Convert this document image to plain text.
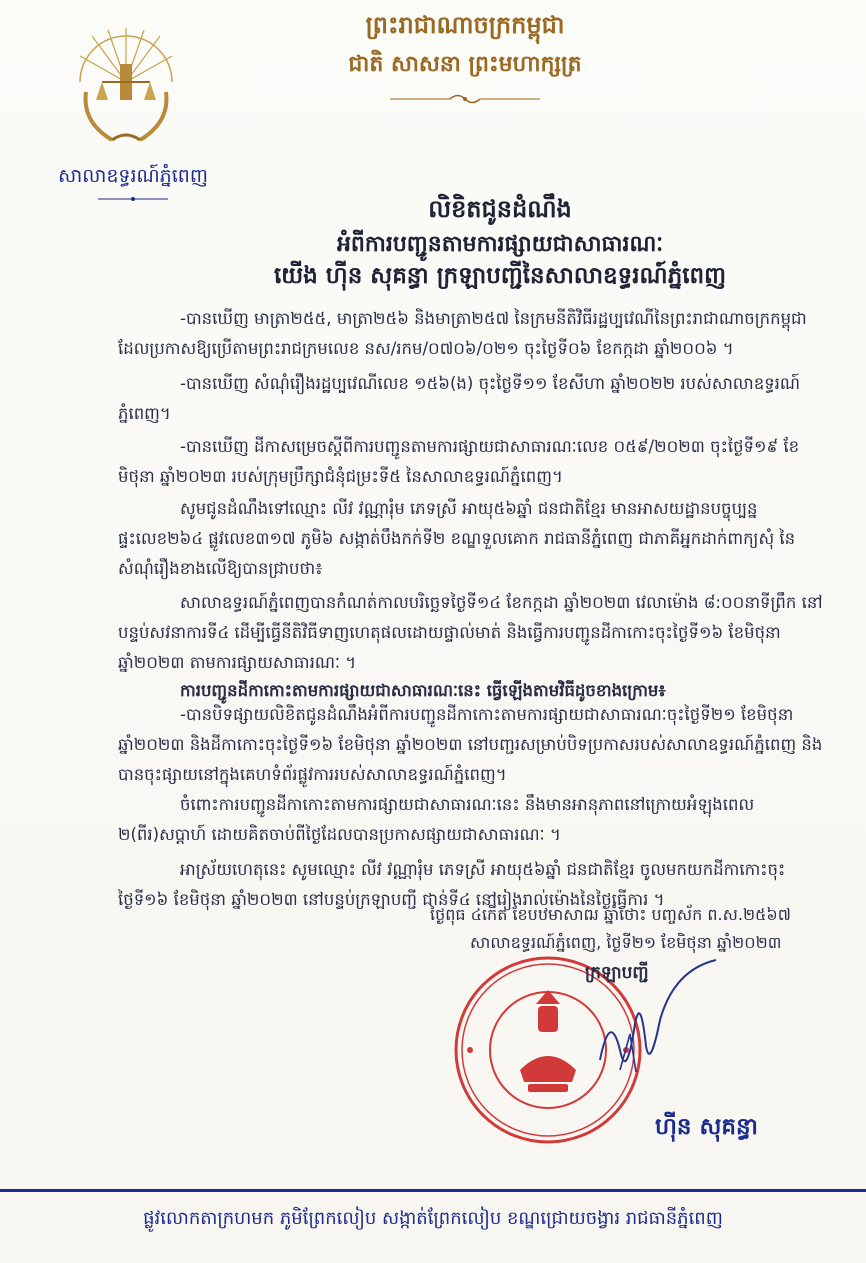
សាលាឧទ្ធរណ៍ភ្នំពេញ
ព្រះរាជាណាចក្រកម្ពុជា
ជាតិ សាសនា ព្រះមហាក្សត្រ
លិខិតជូនដំណឹង
អំពីការបញ្ជូនតាមការផ្សាយជាសាធារណៈ
យើង ហ៊ីន សុគន្ធា ក្រឡាបញ្ជីនៃសាលាឧទ្ធរណ៍ភ្នំពេញ
-បានឃើញ មាត្រា២៥៥, មាត្រា២៥៦ និងមាត្រា២៥៧ នៃក្រមនីតិវិធីរដ្ឋប្បវេណីនៃព្រះរាជាណាចក្រកម្ពុជា ដែលប្រកាសឱ្យប្រើតាមព្រះរាជក្រមលេខ នស/រកម/០៧០៦/០២១ ចុះថ្ងៃទី០៦ ខែកក្កដា ឆ្នាំ២០០៦ ។
-បានឃើញ សំណុំរឿងរដ្ឋប្បវេណីលេខ ១៥៦(ង) ចុះថ្ងៃទី១១ ខែសីហា ឆ្នាំ២០២២ របស់សាលាឧទ្ធរណ៍ភ្នំពេញ។
-បានឃើញ ដីកាសម្រេចស្ដីពីការបញ្ជូនតាមការផ្សាយជាសាធារណៈលេខ ០៥៩/២០២៣ ចុះថ្ងៃទី១៩ ខែមិថុនា ឆ្នាំ២០២៣ របស់ក្រុមប្រឹក្សាជំនុំជម្រះទី៥ នៃសាលាឧទ្ធរណ៍ភ្នំពេញ។
សូមជូនដំណឹងទៅឈ្មោះ លីវ វណ្ណារុំម ភេទស្រី អាយុ៥៦ឆ្នាំ ជនជាតិខ្មែរ មានអាសយដ្ឋានបច្ចុប្បន្នផ្ទះលេខ២៦៤ ផ្លូវលេខ៣១៧ ភូមិ៦ សង្កាត់បឹងកក់ទី២ ខណ្ឌទួលគោក រាជធានីភ្នំពេញ ជាភាគីអ្នកដាក់ពាក្យសុំ នៃសំណុំរឿងខាងលើឱ្យបានជ្រាបថា៖
សាលាឧទ្ធរណ៍ភ្នំពេញបានកំណត់កាលបរិច្ឆេទថ្ងៃទី១៤ ខែកក្កដា ឆ្នាំ២០២៣ វេលាម៉ោង ៨:០០នាទីព្រឹក នៅបន្ទប់សវនាការទី៤ ដើម្បីធ្វើនីតិវិធីទាញហេតុផលដោយផ្ទាល់មាត់ និងធ្វើការបញ្ជូនដីកាកោះចុះថ្ងៃទី១៦ ខែមិថុនា ឆ្នាំ២០២៣ តាមការផ្សាយសាធារណៈ ។
ការបញ្ជូនដីកាកោះតាមការផ្សាយជាសាធារណៈនេះ ធ្វើឡើងតាមវិធីដូចខាងក្រោម៖
-បានបិទផ្សាយលិខិតជូនដំណឹងអំពីការបញ្ជូនដីកាកោះតាមការផ្សាយជាសាធារណៈចុះថ្ងៃទី២១ ខែមិថុនា ឆ្នាំ២០២៣ និងដីកាកោះចុះថ្ងៃទី១៦ ខែមិថុនា ឆ្នាំ២០២៣ នៅបញ្ជរសម្រាប់បិទប្រកាសរបស់សាលាឧទ្ធរណ៍ភ្នំពេញ និងបានចុះផ្សាយនៅក្នុងគេហទំព័រផ្លូវការរបស់សាលាឧទ្ធរណ៍ភ្នំពេញ។
ចំពោះការបញ្ជូនដីកាកោះតាមការផ្សាយជាសាធារណៈនេះ នឹងមានអានុភាពនៅក្រោយអំឡុងពេល ២(ពីរ)សប្ដាហ៍ ដោយគិតចាប់ពីថ្ងៃដែលបានប្រកាសផ្សាយជាសាធារណៈ ។
អាស្រ័យហេតុនេះ សូមឈ្មោះ លីវ វណ្ណារុំម ភេទស្រី អាយុ៥៦ឆ្នាំ ជនជាតិខ្មែរ ចូលមកយកដីកាកោះចុះថ្ងៃទី១៦ ខែមិថុនា ឆ្នាំ២០២៣ នៅបន្ទប់ក្រឡាបញ្ជី ជាន់ទី៤ នៅរៀងរាល់ម៉ោងនៃថ្ងៃធ្វើការ ។
ថ្ងៃពុធ ៤កើត ខែបឋមាសាឍ ឆ្នាំថោះ បញ្ចស័ក ព.ស.២៥៦៧
សាលាឧទ្ធរណ៍ភ្នំពេញ, ថ្ងៃទី២១ ខែមិថុនា ឆ្នាំ២០២៣
ក្រឡាបញ្ជី
ហ៊ីន សុគន្ធា
ផ្លូវលោកតាក្រហមក ភូមិព្រែកលៀប សង្កាត់ព្រែកលៀប ខណ្ឌជ្រោយចង្វារ រាជធានីភ្នំពេញ
